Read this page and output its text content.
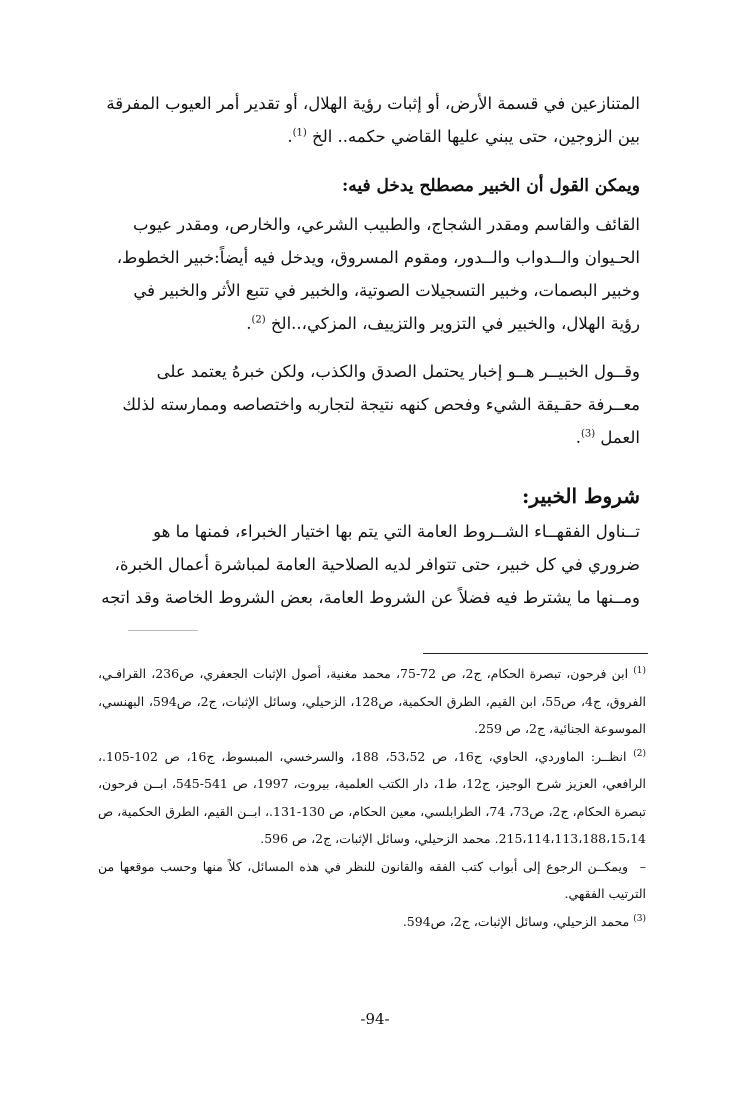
المتنازعين في قسمة الأرض، أو إثبات رؤية الهلال، أو تقدير أمر العيوب المفرقة

بين الزوجين، حتى يبني عليها القاضي حكمه.. الخ $^{(1)}$.

ويمكن القول أن الخبير مصطلح يدخل فيه:

القائف والقاسم ومقدر الشجاج، والطبيب الشرعي، والخارص، ومقدر عيوب

الحـيوان والــدواب والــدور، ومقوم المسروق، ويدخل فيه أيضاً:خبير الخطوط،

وخبير البصمات، وخبير التسجيلات الصوتية، والخبير في تتبع الأثر والخبير في

رؤية الهلال، والخبير في التزوير والتزييف، المزكي،..الخ $^{(2)}$.

وقــول الخبيــر هــو إخبار يحتمل الصدق والكذب، ولكن خبرهُ يعتمد على

معــرفة حقـيقة الشيء وفحص كنهه نتيجة لتجاربه واختصاصه وممارسته لذلك

العمل $^{(3)}$.

شروط الخبير:

تــناول الفقهــاء الشــروط العامة التي يتم بها اختيار الخبراء، فمنها ما هو

ضروري في كل خبير، حتى تتوافر لديه الصلاحية العامة لمباشرة أعمال الخبرة،

ومــنها ما يشترط فيه فضلاً عن الشروط العامة، بعض الشروط الخاصة وقد اتجه

$^{(1)}$ ابن فرحون، تبصرة الحكام، ج2، ص 72-75، محمد مغنية، أصول الإثبات الجعفري، ص236، القرافـي، الفروق، ج4، ص55، ابن القيم، الطرق الحكمية، ص128، الزحيلي، وسائل الإثبات، ج2، ص594، البهنسي، الموسوعة الجنائية، ج2، ص 259.

$^{(2)}$ انظــر: الماوردي، الحاوي، ج16، ص 53،52، 188، والسرخسي، المبسوط، ج16، ص 102-105.، الرافعي، العزيز شرح الوجيز، ج12، ط1، دار الكتب العلمية، بيروت، 1997، ص 541-545، ابــن فرحون، تبصرة الحكام، ج2، ص73، 74، الطرابلسي، معين الحكام، ص 130-131.، ابــن القيم، الطرق الحكمية، ص 215،114،113،188،15،14. محمد الزحيلي، وسائل الإثبات، ج2، ص 596.

–ويمكــن الرجوع إلى أبواب كتب الفقه والقانون للنظر في هذه المسائل، كلاً منها وحسب موقعها من الترتيب الفقهي.

$^{(3)}$ محمد الزحيلي، وسائل الإثبات، ج2، ص594.

-94-
